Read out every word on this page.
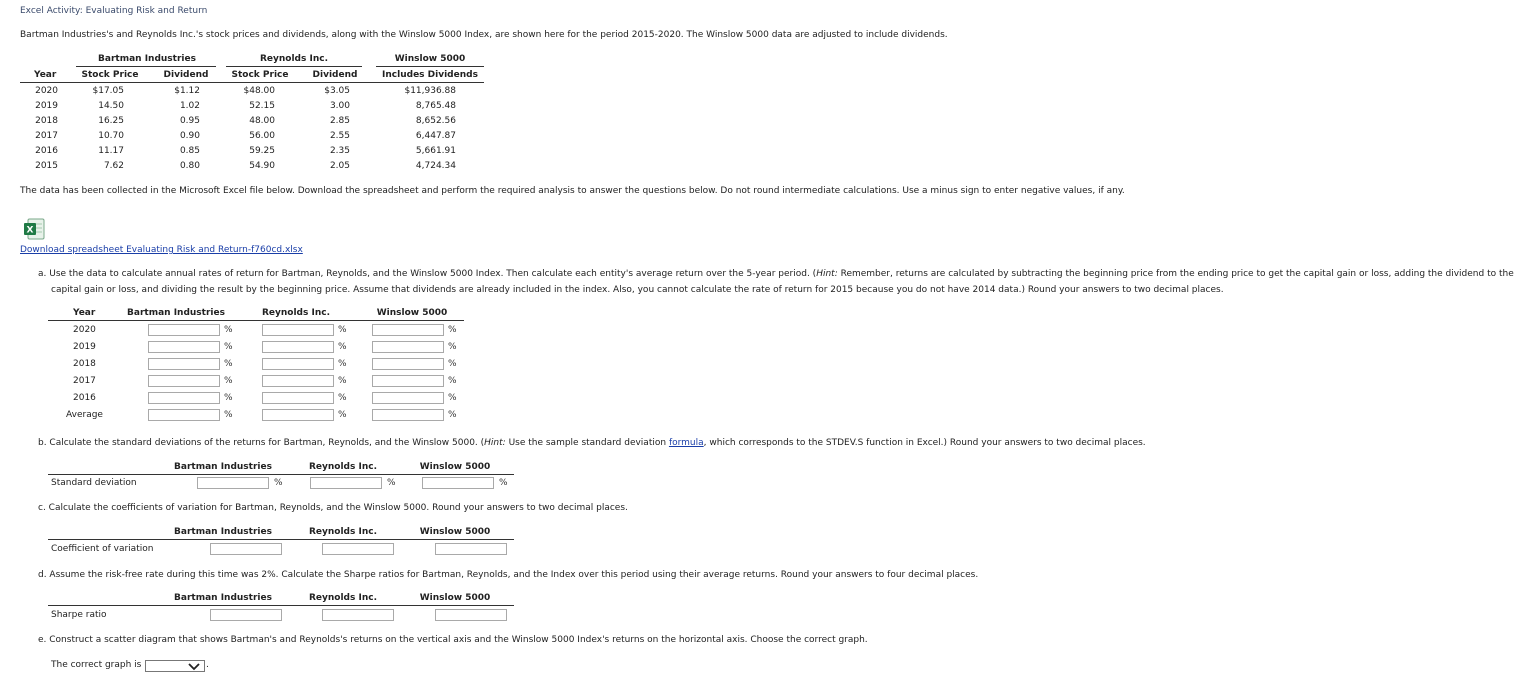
Excel Activity: Evaluating Risk and Return
Bartman Industries's and Reynolds Inc.'s stock prices and dividends, along with the Winslow 5000 Index, are shown here for the period 2015-2020. The Winslow 5000 data are adjusted to include dividends.
Bartman Industries	Reynolds Inc.	Winslow 5000
Year	Stock Price	Dividend	Stock Price	Dividend	Includes Dividends
2020	$17.05	$1.12	$48.00	$3.05	$11,936.88
2019	14.50	1.02	52.15	3.00	8,765.48
2018	16.25	0.95	48.00	2.85	8,652.56
2017	10.70	0.90	56.00	2.55	6,447.87
2016	11.17	0.85	59.25	2.35	5,661.91
2015	7.62	0.80	54.90	2.05	4,724.34
The data has been collected in the Microsoft Excel file below. Download the spreadsheet and perform the required analysis to answer the questions below. Do not round intermediate calculations. Use a minus sign to enter negative values, if any.
X
Download spreadsheet Evaluating Risk and Return-f760cd.xlsx
a. Use the data to calculate annual rates of return for Bartman, Reynolds, and the Winslow 5000 Index. Then calculate each entity's average return over the 5-year period. (Hint: Remember, returns are calculated by subtracting the beginning price from the ending price to get the capital gain or loss, adding the dividend to the
capital gain or loss, and dividing the result by the beginning price. Assume that dividends are already included in the index. Also, you cannot calculate the rate of return for 2015 because you do not have 2014 data.) Round your answers to two decimal places.
Year	Bartman Industries	Reynolds Inc.	Winslow 5000
2020	%	%	%
2019	%	%	%
2018	%	%	%
2017	%	%	%
2016	%	%	%
Average	%	%	%
b. Calculate the standard deviations of the returns for Bartman, Reynolds, and the Winslow 5000. (Hint: Use the sample standard deviation formula, which corresponds to the STDEV.S function in Excel.) Round your answers to two decimal places.
Bartman Industries	Reynolds Inc.	Winslow 5000
Standard deviation	%	%	%
c. Calculate the coefficients of variation for Bartman, Reynolds, and the Winslow 5000. Round your answers to two decimal places.
Bartman Industries	Reynolds Inc.	Winslow 5000
Coefficient of variation
d. Assume the risk-free rate during this time was 2%. Calculate the Sharpe ratios for Bartman, Reynolds, and the Index over this period using their average returns. Round your answers to four decimal places.
Bartman Industries	Reynolds Inc.	Winslow 5000
Sharpe ratio
e. Construct a scatter diagram that shows Bartman's and Reynolds's returns on the vertical axis and the Winslow 5000 Index's returns on the horizontal axis. Choose the correct graph.
The correct graph is	.
